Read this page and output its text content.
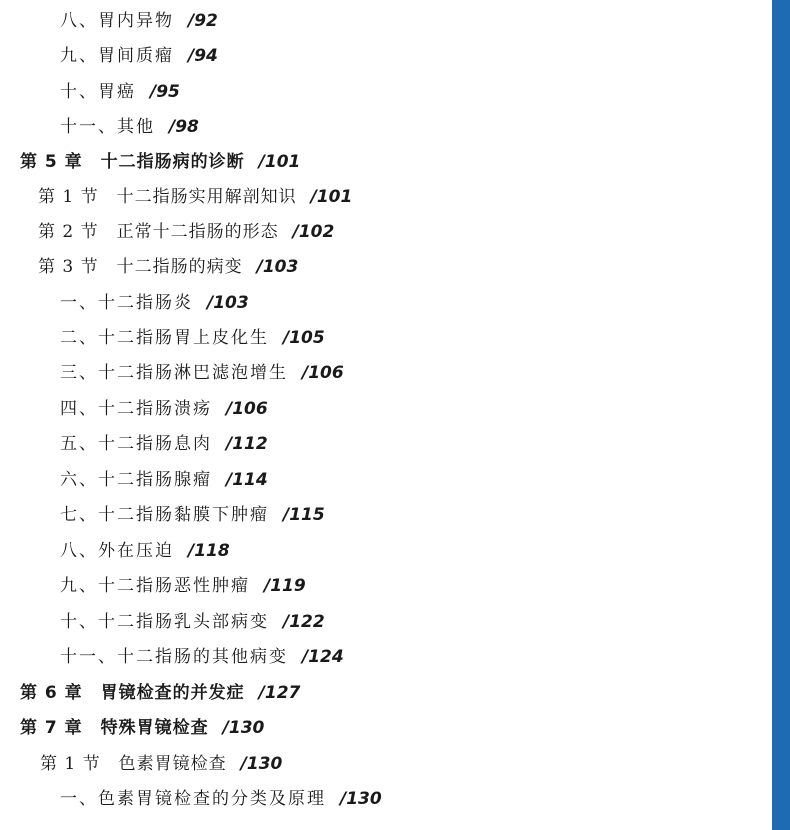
八、胃内异物 /92
九、胃间质瘤 /94
十、胃癌 /95
十一、其他 /98
第 5 章　十二指肠病的诊断 /101
第 1 节　十二指肠实用解剖知识 /101
第 2 节　正常十二指肠的形态 /102
第 3 节　十二指肠的病变 /103
一、十二指肠炎 /103
二、十二指肠胃上皮化生 /105
三、十二指肠淋巴滤泡增生 /106
四、十二指肠溃疡 /106
五、十二指肠息肉 /112
六、十二指肠腺瘤 /114
七、十二指肠黏膜下肿瘤 /115
八、外在压迫 /118
九、十二指肠恶性肿瘤 /119
十、十二指肠乳头部病变 /122
十一、十二指肠的其他病变 /124
第 6 章　胃镜检查的并发症 /127
第 7 章　特殊胃镜检查 /130
第 1 节　色素胃镜检查 /130
一、色素胃镜检查的分类及原理 /130
